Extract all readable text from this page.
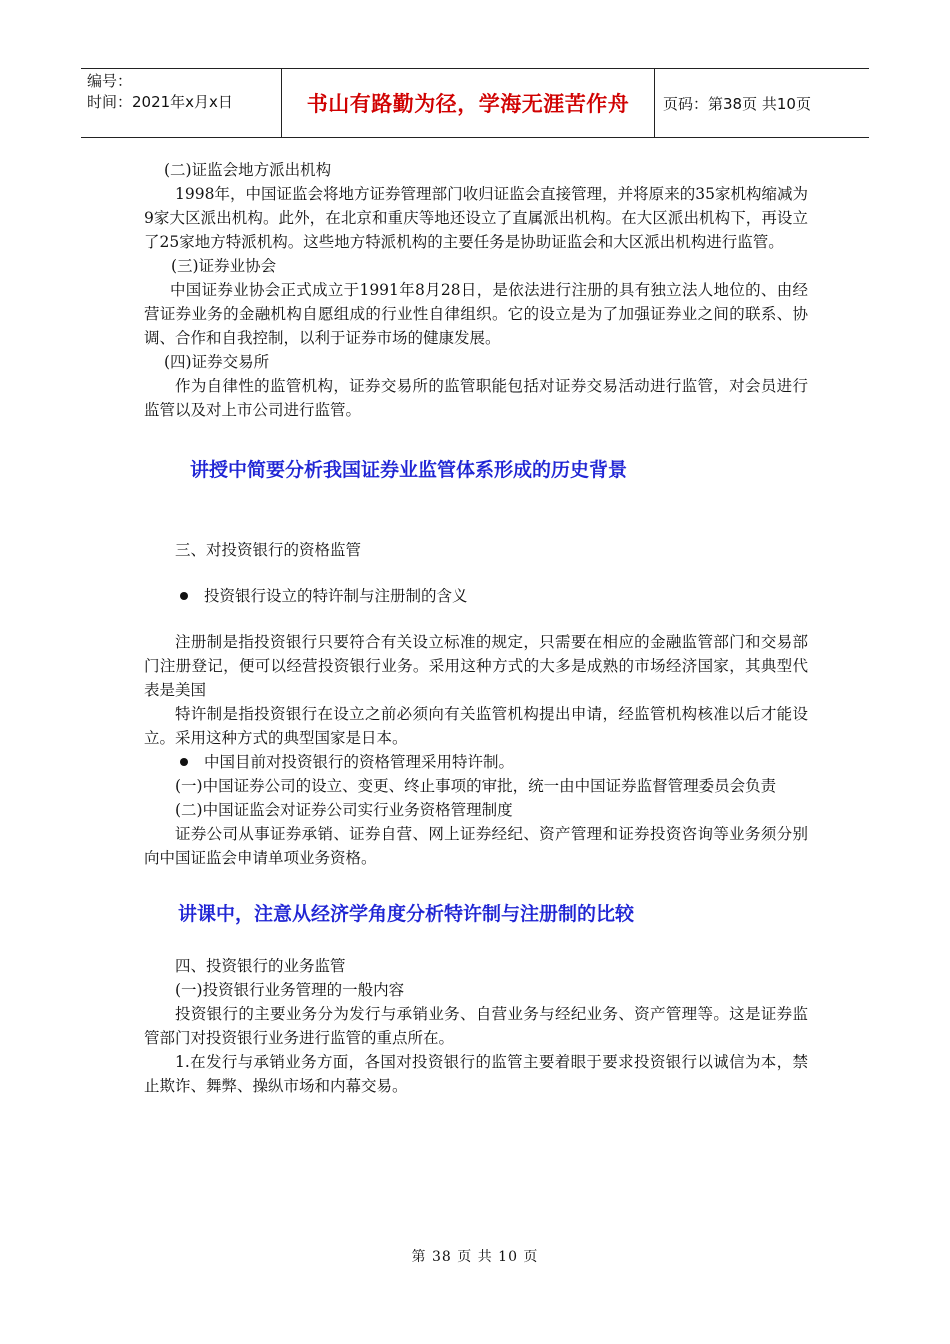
编号：
时间：2021年x月x日	书山有路勤为径，学海无涯苦作舟	页码：第38页 共10页

(二)证监会地方派出机构

1998年，中国证监会将地方证券管理部门收归证监会直接管理，并将原来的35家机构缩减为9家大区派出机构。此外，在北京和重庆等地还设立了直属派出机构。在大区派出机构下，再设立了25家地方特派机构。这些地方特派机构的主要任务是协助证监会和大区派出机构进行监管。

(三)证券业协会

中国证券业协会正式成立于1991年8月28日，是依法进行注册的具有独立法人地位的、由经营证券业务的金融机构自愿组成的行业性自律组织。它的设立是为了加强证券业之间的联系、协调、合作和自我控制，以利于证券市场的健康发展。

(四)证券交易所

作为自律性的监管机构，证券交易所的监管职能包括对证券交易活动进行监管，对会员进行监管以及对上市公司进行监管。

讲授中简要分析我国证券业监管体系形成的历史背景

三、对投资银行的资格监管

投资银行设立的特许制与注册制的含义

注册制是指投资银行只要符合有关设立标准的规定，只需要在相应的金融监管部门和交易部门注册登记，便可以经营投资银行业务。采用这种方式的大多是成熟的市场经济国家，其典型代表是美国

特许制是指投资银行在设立之前必须向有关监管机构提出申请，经监管机构核准以后才能设立。采用这种方式的典型国家是日本。

中国目前对投资银行的资格管理采用特许制。

(一)中国证券公司的设立、变更、终止事项的审批，统一由中国证券监督管理委员会负责

(二)中国证监会对证券公司实行业务资格管理制度

证券公司从事证券承销、证券自营、网上证券经纪、资产管理和证券投资咨询等业务须分别向中国证监会申请单项业务资格。

讲课中，注意从经济学角度分析特许制与注册制的比较

四、投资银行的业务监管

(一)投资银行业务管理的一般内容

投资银行的主要业务分为发行与承销业务、自营业务与经纪业务、资产管理等。这是证券监管部门对投资银行业务进行监管的重点所在。

1.在发行与承销业务方面，各国对投资银行的监管主要着眼于要求投资银行以诚信为本，禁止欺诈、舞弊、操纵市场和内幕交易。

第 38 页 共 10 页
